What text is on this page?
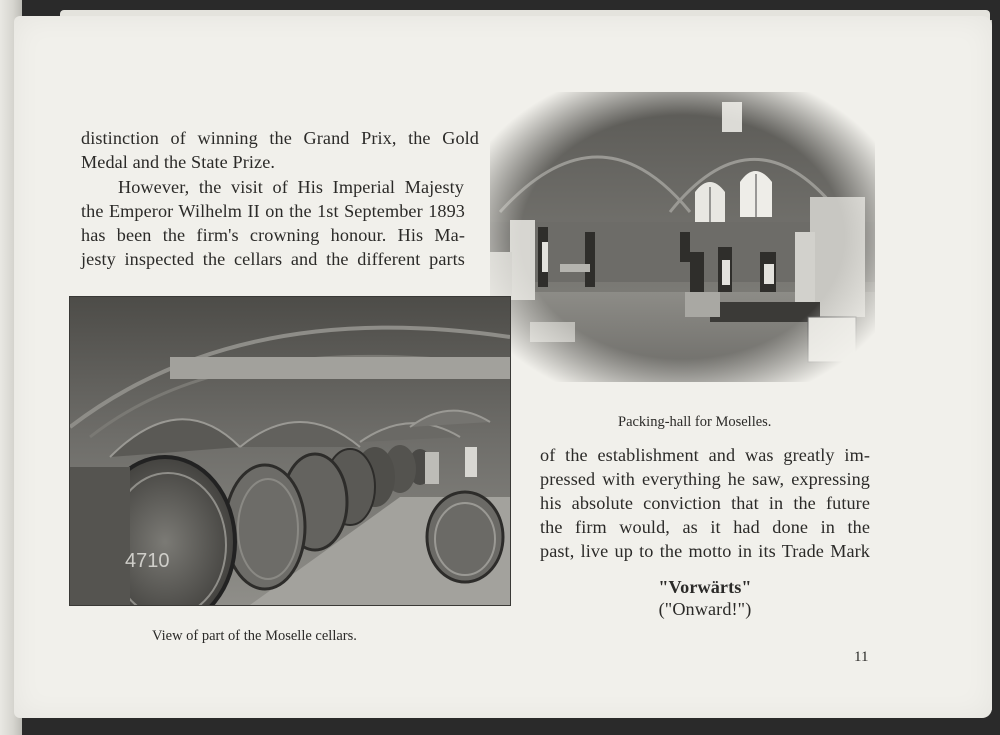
distinction of winning the Grand Prix, the Gold
Medal and the State Prize.
However, the visit of His Imperial Majesty
the Emperor Wilhelm II on the 1st September 1893
has been the firm's crowning honour. His Ma-
jesty inspected the cellars and the different parts
4710
Packing-hall for Moselles.
of the establishment and was greatly im-
pressed with everything he saw, expressing
his absolute conviction that in the future
the firm would, as it had done in the
past, live up to the motto in its Trade Mark
"Vorwärts"
("Onward!")
View of part of the Moselle cellars.
11
